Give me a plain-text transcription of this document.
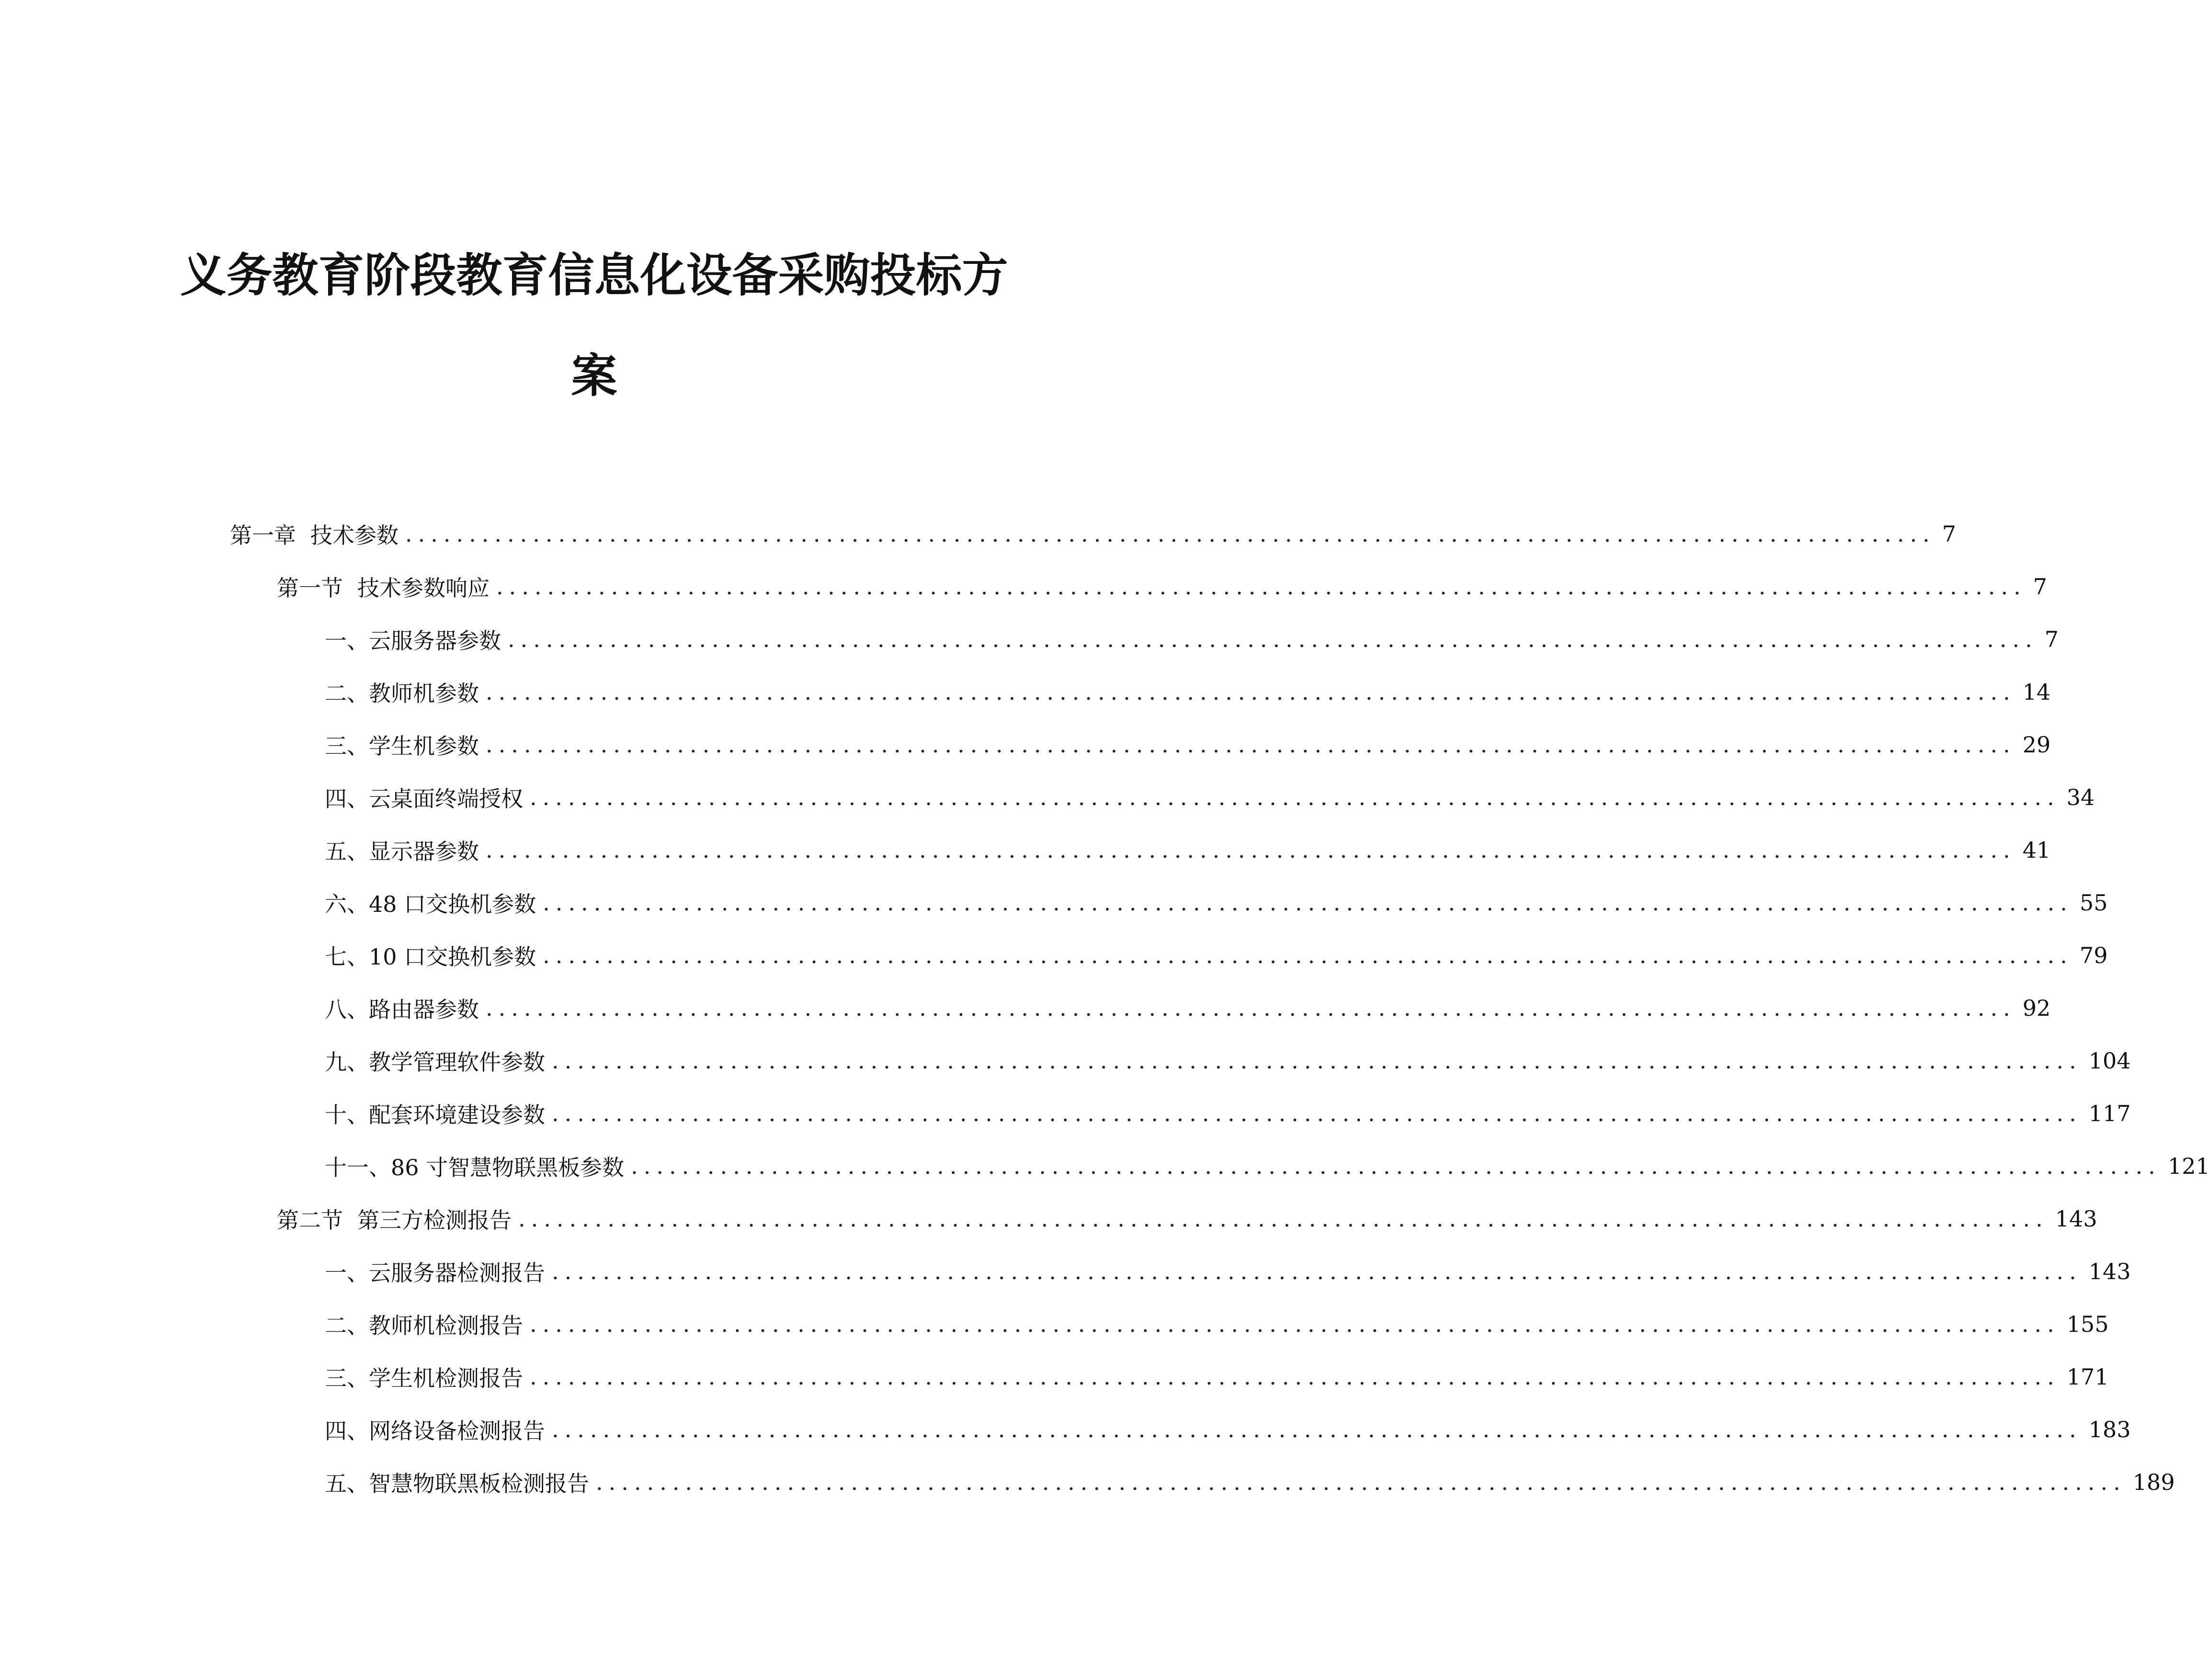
义务教育阶段教育信息化设备采购投标方
案
第一章 技术参数 ........................................................................................................................ 7
第一节 技术参数响应 ........................................................................................................................ 7
一、 云服务器参数 ........................................................................................................................ 7
二、 教师机参数 ........................................................................................................................ 14
三、 学生机参数 ........................................................................................................................ 29
四、 云桌面终端授权 ........................................................................................................................ 34
五、 显示器参数 ........................................................................................................................ 41
六、 48 口交换机参数 ........................................................................................................................ 55
七、 10 口交换机参数 ........................................................................................................................ 79
八、 路由器参数 ........................................................................................................................ 92
九、 教学管理软件参数 ........................................................................................................................ 104
十、 配套环境建设参数 ........................................................................................................................ 117
十一、 86 寸智慧物联黑板参数 ........................................................................................................................ 121
第二节 第三方检测报告 ........................................................................................................................ 143
一、 云服务器检测报告 ........................................................................................................................ 143
二、 教师机检测报告 ........................................................................................................................ 155
三、 学生机检测报告 ........................................................................................................................ 171
四、 网络设备检测报告 ........................................................................................................................ 183
五、 智慧物联黑板检测报告 ........................................................................................................................ 189
